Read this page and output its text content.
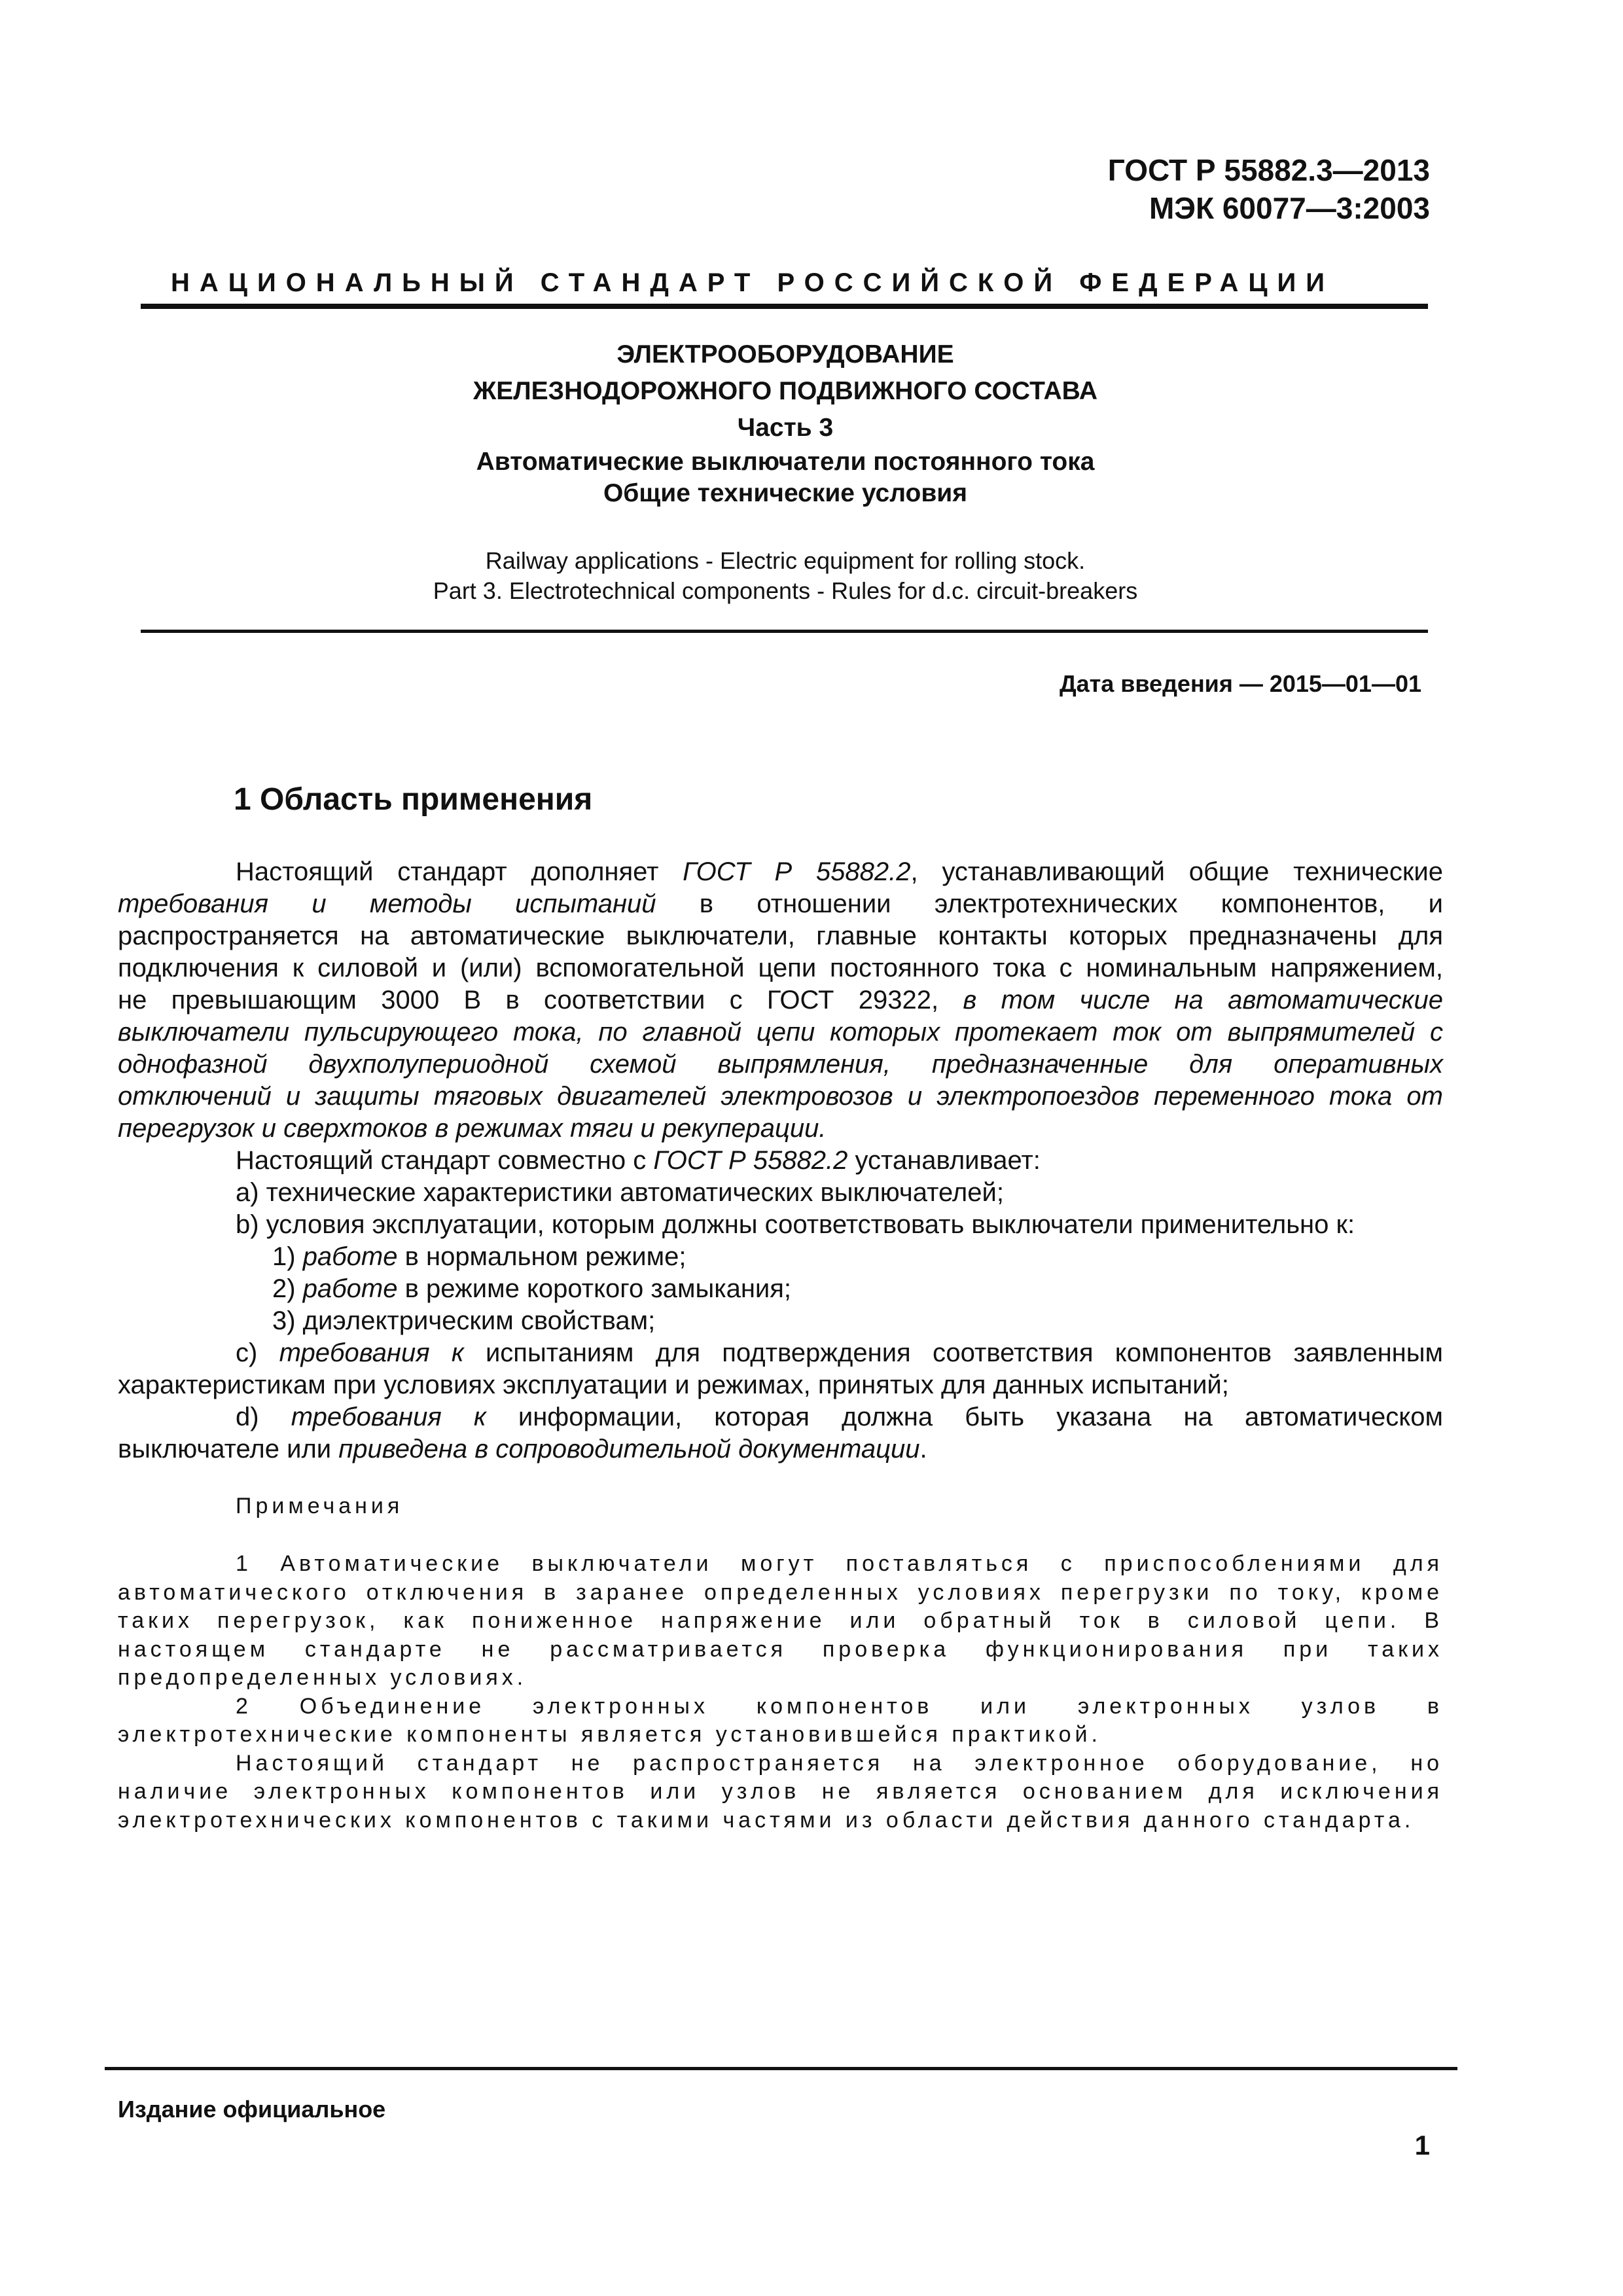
ГОСТ Р 55882.3—2013
МЭК 60077—3:2003
НАЦИОНАЛЬНЫЙ СТАНДАРТ РОССИЙСКОЙ ФЕДЕРАЦИИ
ЭЛЕКТРООБОРУДОВАНИЕ
ЖЕЛЕЗНОДОРОЖНОГО ПОДВИЖНОГО СОСТАВА
Часть 3
Автоматические выключатели постоянного тока
Общие технические условия
Railway applications - Electric equipment for rolling stock.
Part 3. Electrotechnical components - Rules for d.c. circuit-breakers
Дата введения — 2015—01—01
1 Область применения
Настоящий стандарт дополняет ГОСТ Р 55882.2, устанавливающий общие технические
требования и методы испытаний в отношении электротехнических компонентов, и
распространяется на автоматические выключатели, главные контакты которых предназначены для
подключения к силовой и (или) вспомогательной цепи постоянного тока с номинальным напряжением,
не превышающим 3000 В в соответствии с ГОСТ 29322, в том числе на автоматические
выключатели пульсирующего тока, по главной цепи которых протекает ток от выпрямителей с
однофазной двухполупериодной схемой выпрямления, предназначенные для оперативных
отключений и защиты тяговых двигателей электровозов и электропоездов переменного тока от
перегрузок и сверхтоков в режимах тяги и рекуперации.
Настоящий стандарт совместно с ГОСТ Р 55882.2 устанавливает:
a) технические характеристики автоматических выключателей;
b) условия эксплуатации, которым должны соответствовать выключатели применительно к:
1) работе в нормальном режиме;
2) работе в режиме короткого замыкания;
3) диэлектрическим свойствам;
c) требования к испытаниям для подтверждения соответствия компонентов заявленным
характеристикам при условиях эксплуатации и режимах, принятых для данных испытаний;
d) требования к информации, которая должна быть указана на автоматическом
выключателе или приведена в сопроводительной документации.
Примечания
1 Автоматические выключатели могут поставляться с приспособлениями для
автоматического отключения в заранее определенных условиях перегрузки по току, кроме
таких перегрузок, как пониженное напряжение или обратный ток в силовой цепи. В
настоящем стандарте не рассматривается проверка функционирования при таких
предопределенных условиях.
2 Объединение электронных компонентов или электронных узлов в
электротехнические компоненты является установившейся практикой.
Настоящий стандарт не распространяется на электронное оборудование, но
наличие электронных компонентов или узлов не является основанием для исключения
электротехнических компонентов с такими частями из области действия данного стандарта.
Издание официальное
1
